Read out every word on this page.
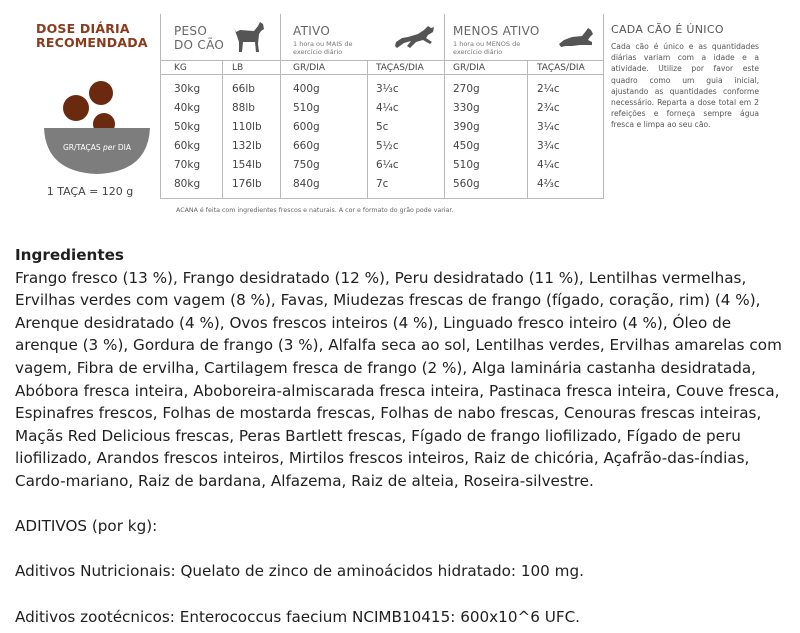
DOSE DIÁRIA
RECOMENDADA
GR/TAÇAS per DIA
1 TAÇA = 120 g
PESO
DO CÃO
ATIVO
1 hora ou MAIS de
exercício diário
MENOS ATIVO
1 hora ou MENOS de
exercício diário
KG	LB	GR/DIA	TAÇAS/DIA	GR/DIA	TAÇAS/DIA
30kg	66lb	400g	3⅓c	270g	2¼c
40kg	88lb	510g	4¼c	330g	2¾c
50kg	110lb	600g	5c	390g	3¼c
60kg	132lb	660g	5½c	450g	3¾c
70kg	154lb	750g	6¼c	510g	4¼c
80kg	176lb	840g	7c	560g	4⅔c
CADA CÃO É ÚNICO
Cada cão é único e as quantidades diárias variam com a idade e a atividade. Utilize por favor este quadro como um guia inicial, ajustando as quantidades conforme necessário. Reparta a dose total em 2 refeições e forneça sempre água fresca e limpa ao seu cão.
ACANA é feita com ingredientes frescos e naturais. A cor e formato do grão pode variar.
Ingredientes
Frango fresco (13 %), Frango desidratado (12 %), Peru desidratado (11 %), Lentilhas vermelhas, Ervilhas verdes com vagem (8 %), Favas, Miudezas frescas de frango (fígado, coração, rim) (4 %), Arenque desidratado (4 %), Ovos frescos inteiros (4 %), Linguado fresco inteiro (4 %), Óleo de arenque (3 %), Gordura de frango (3 %), Alfalfa seca ao sol, Lentilhas verdes, Ervilhas amarelas com vagem, Fibra de ervilha, Cartilagem fresca de frango (2 %), Alga laminária castanha desidratada, Abóbora fresca inteira, Aboboreira-almiscarada fresca inteira, Pastinaca fresca inteira, Couve fresca, Espinafres frescos, Folhas de mostarda frescas, Folhas de nabo frescas, Cenouras frescas inteiras, Maçãs Red Delicious frescas, Peras Bartlett frescas, Fígado de frango liofilizado, Fígado de peru liofilizado, Arandos frescos inteiros, Mirtilos frescos inteiros, Raiz de chicória, Açafrão-das-índias, Cardo-mariano, Raiz de bardana, Alfazema, Raiz de alteia, Roseira-silvestre.
ADITIVOS (por kg):
Aditivos Nutricionais: Quelato de zinco de aminoácidos hidratado: 100 mg.
Aditivos zootécnicos: Enterococcus faecium NCIMB10415: 600x10^6 UFC.
